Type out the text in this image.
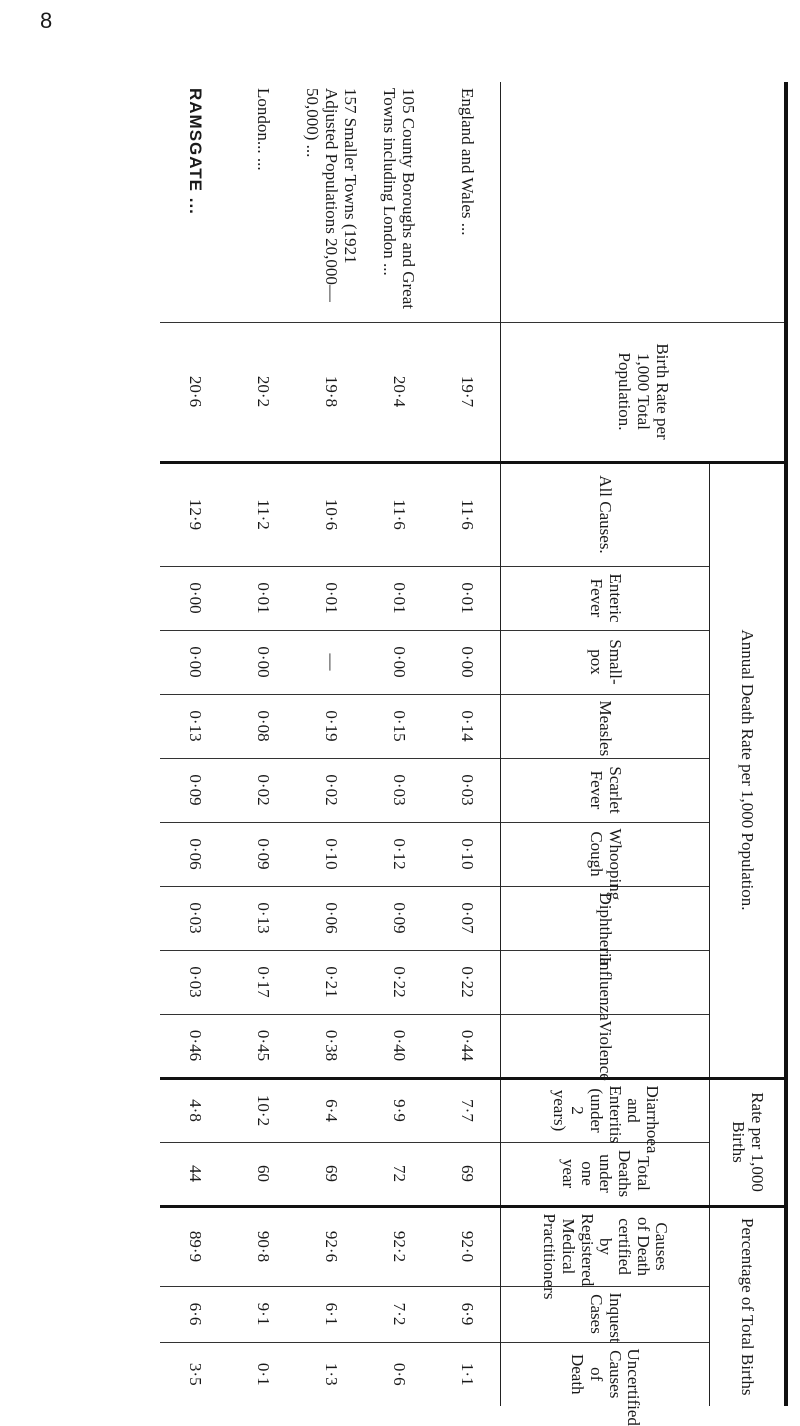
8
	Birth Rate per 1,000 Total Population.	Annual Death Rate per 1,000 Population.									Rate per 1,000 Births		Percentage of Total Births		
		All Causes.	Enteric Fever	Small-pox	Measles	Scarlet Fever	Whooping Cough	Diphtheria	Influenza	Violence	Diarrhoea and Enteritis (under 2 years)	Total Deaths under one year	Causes of Death certified by Registered Medical Practitioners	Inquest Cases	Uncertified Causes of Death
England and Wales ...	19·7	11·6	0·01	0·00	0·14	0·03	0·10	0·07	0·22	0·44	7·7	69	92·0	6·9	1·1
105 County Boroughs and Great Towns including London ...	20·4	11·6	0·01	0·00	0·15	0·03	0·12	0·09	0·22	0·40	9·9	72	92·2	7·2	0·6
157 Smaller Towns (1921 Adjusted Populations 20,000—50,000) ...	19·8	10·6	0·01	—	0·19	0·02	0·10	0·06	0·21	0·38	6·4	69	92·6	6·1	1·3
London... ...	20·2	11·2	0·01	0·00	0·08	0·02	0·09	0·13	0·17	0·45	10·2	60	90·8	9·1	0·1
RAMSGATE ...	20·6	12·9	0·00	0·00	0·13	0·09	0·06	0·03	0·03	0·46	4·8	44	89·9	6·6	3·5
